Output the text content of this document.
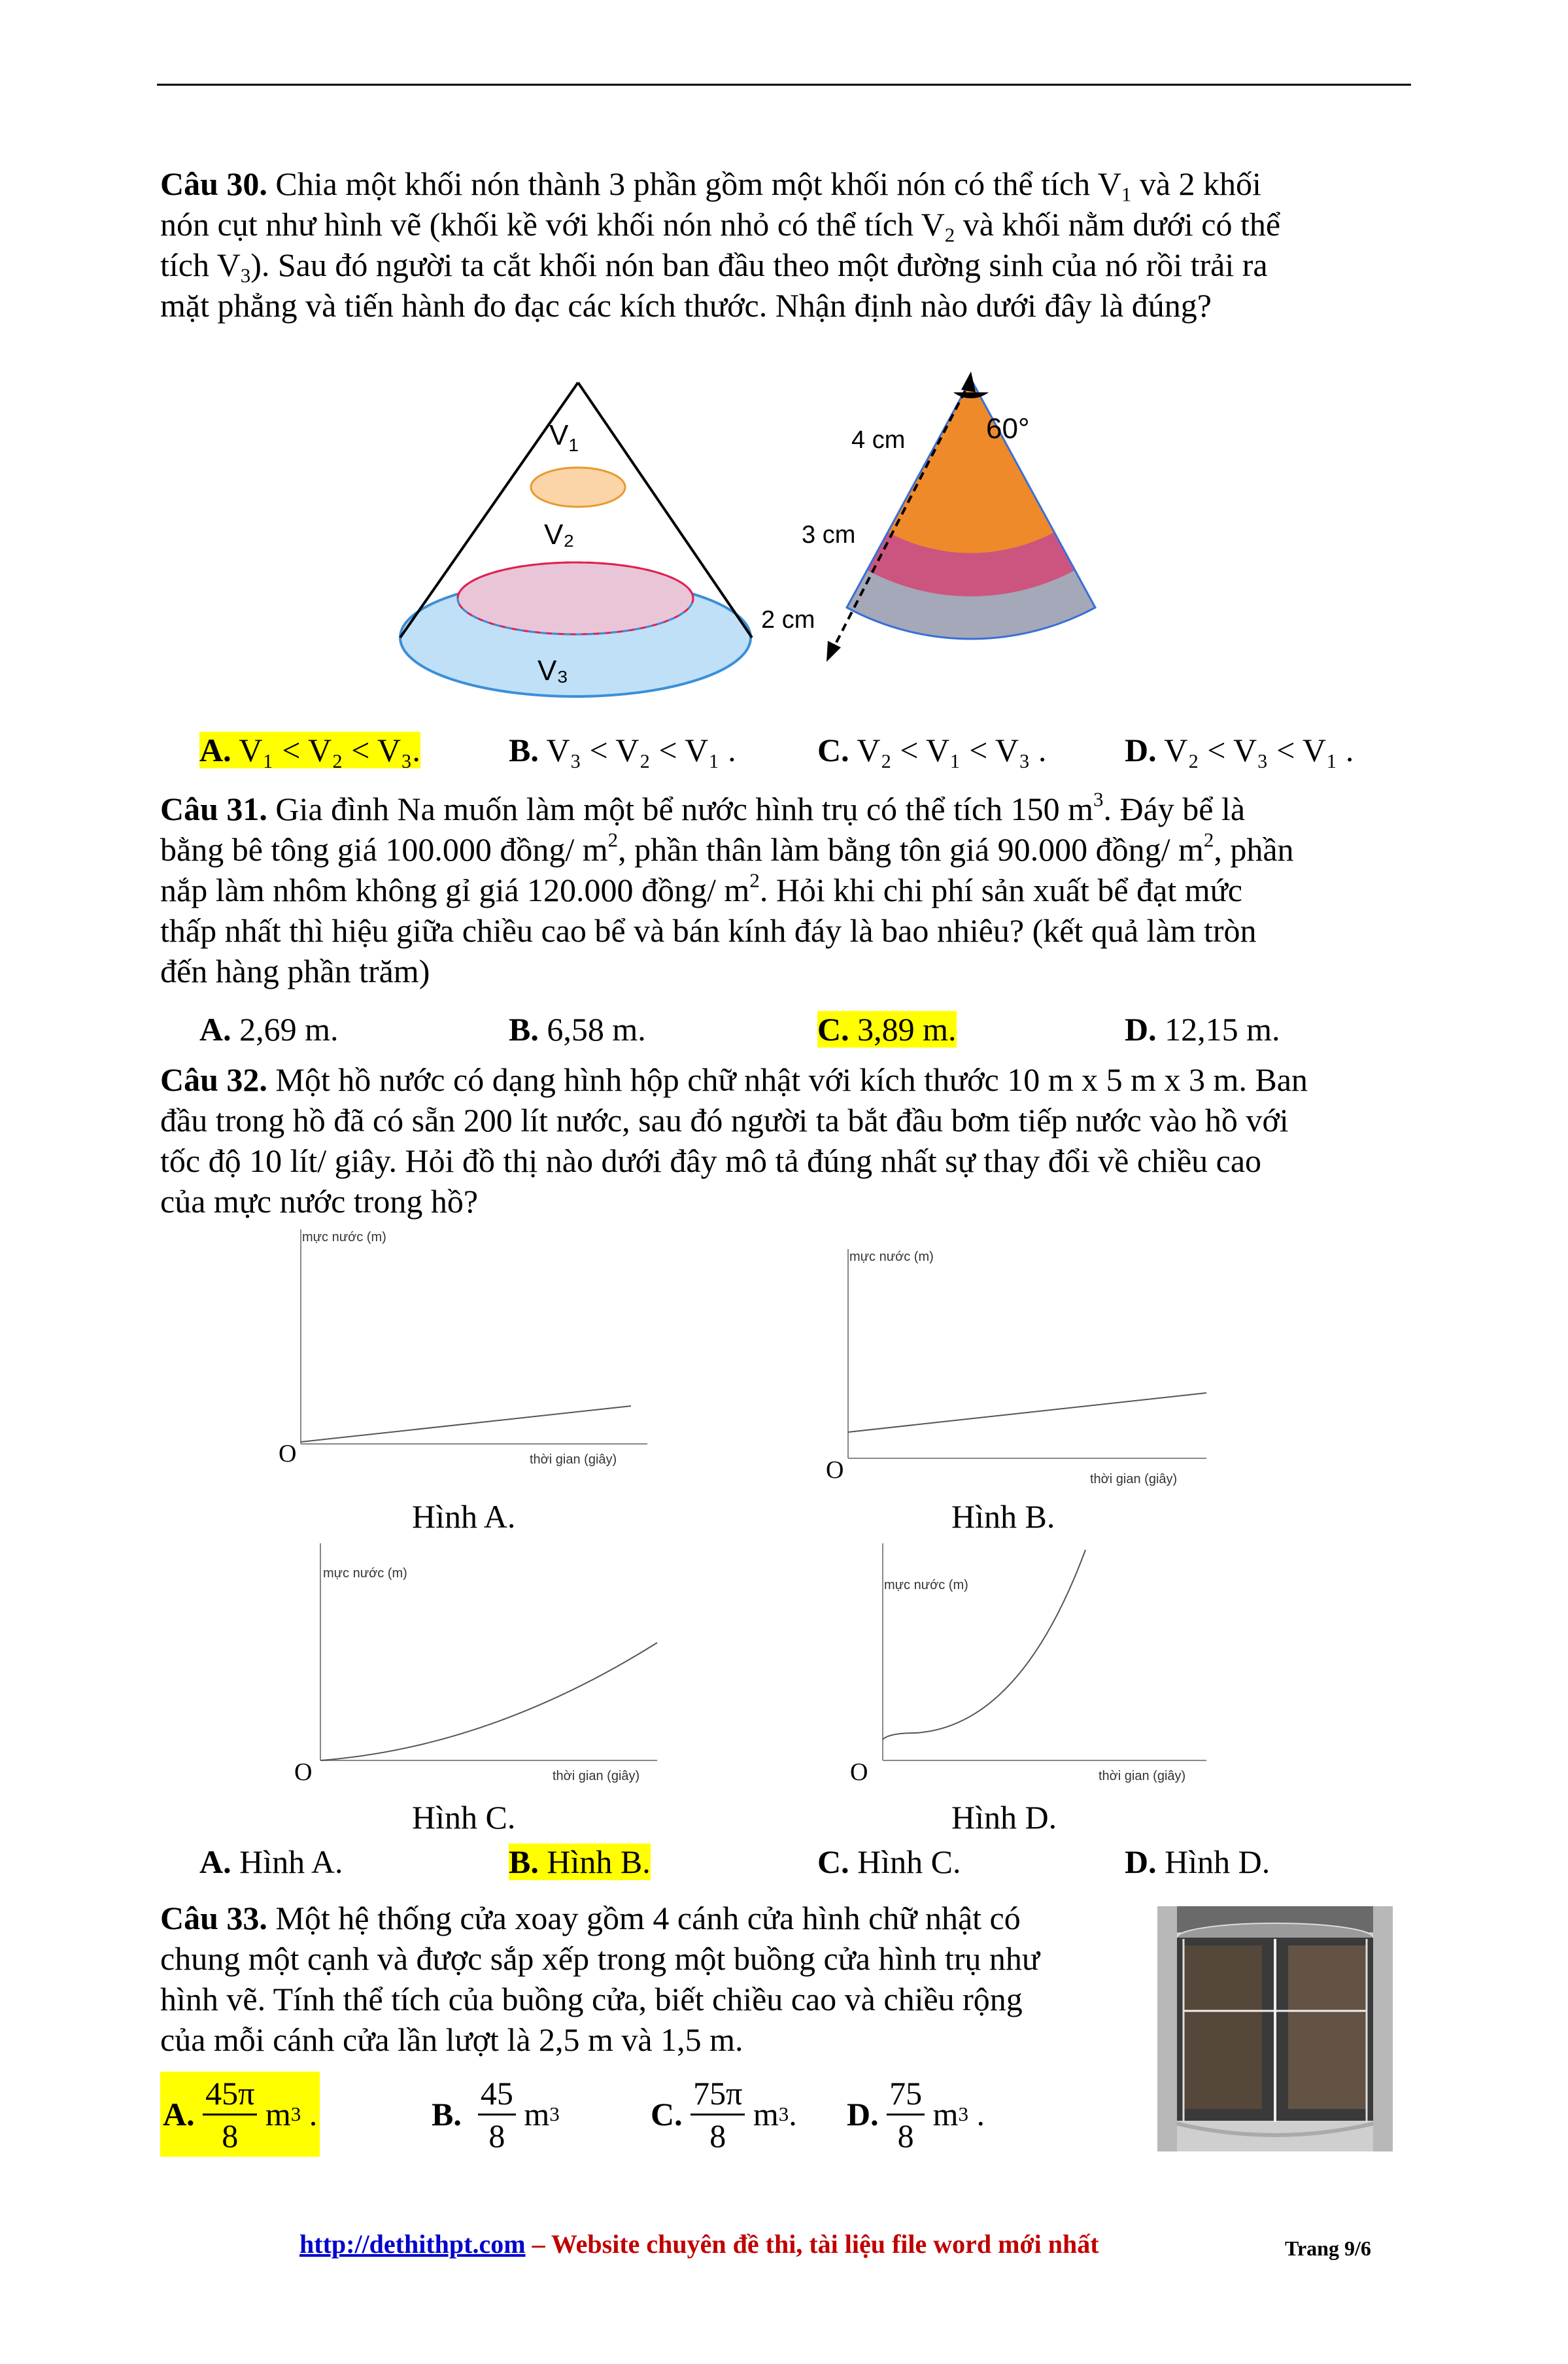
Câu 30. Chia một khối nón thành 3 phần gồm một khối nón có thể tích $V_1$ và 2 khối
nón cụt như hình vẽ (khối kề với khối nón nhỏ có thể tích $V_2$ và khối nằm dưới có thể
tích $V_3$). Sau đó người ta cắt khối nón ban đầu theo một đường sinh của nó rồi trải ra
mặt phẳng và tiến hành đo đạc các kích thước. Nhận định nào dưới đây là đúng?
$V_1$
V₂
V₃
60°
4 cm
3 cm
2 cm
A. V₁ < V₂ < V₃.	B. V₃ < V₂ < V₁ . C. V₂ < V₁ < V₃ . D. V₂ < V₃ < V₁ .
Câu 31. Gia đình Na muốn làm một bể nước hình trụ có thể tích 150 $m^3$. Đáy bể là
bằng bê tông giá 100.000 đồng/ $m^2$, phần thân làm bằng tôn giá 90.000 đồng/ $m^2$, phần
nắp làm nhôm không gỉ giá 120.000 đồng/ $m^2$. Hỏi khi chi phí sản xuất bể đạt mức
thấp nhất thì hiệu giữa chiều cao bể và bán kính đáy là bao nhiêu? (kết quả làm tròn
đến hàng phần trăm)
A. 2,69 m.	B. 6,58 m.	C. 3,89 m.	D. 12,15 m.
Câu 32. Một hồ nước có dạng hình hộp chữ nhật với kích thước 10 m x 5 m x 3 m. Ban
đầu trong hồ đã có sẵn 200 lít nước, sau đó người ta bắt đầu bơm tiếp nước vào hồ với
tốc độ 10 lít/ giây. Hỏi đồ thị nào dưới đây mô tả đúng nhất sự thay đổi về chiều cao
của mực nước trong hồ?
mực nước (m)
thời gian (giây)
O
Hình A.
mực nước (m)
thời gian (giây)
O
Hình B.
mực nước (m)
thời gian (giây)
O
Hình C.
mực nước (m)
thời gian (giây)
O
Hình D.
A. Hình A.	B. Hình B.	C. Hình C.	D. Hình D.
Câu 33. Một hệ thống cửa xoay gồm 4 cánh cửa hình chữ nhật có
chung một cạnh và được sắp xếp trong một buồng cửa hình trụ như
hình vẽ. Tính thể tích của buồng cửa, biết chiều cao và chiều rộng
của mỗi cánh cửa lần lượt là 2,5 m và 1,5 m.
A.
$\frac{45\pi}{8}$
m 3 .	B.
$\frac{45}{8}$
m 3	C.
$\frac{75\pi}{8}$
m 3 . D.
$\frac{75}{8}$
m 3 .
http://dethithpt.com – Website chuyên đề thi, tài liệu file word mới nhất	Trang 9/6
